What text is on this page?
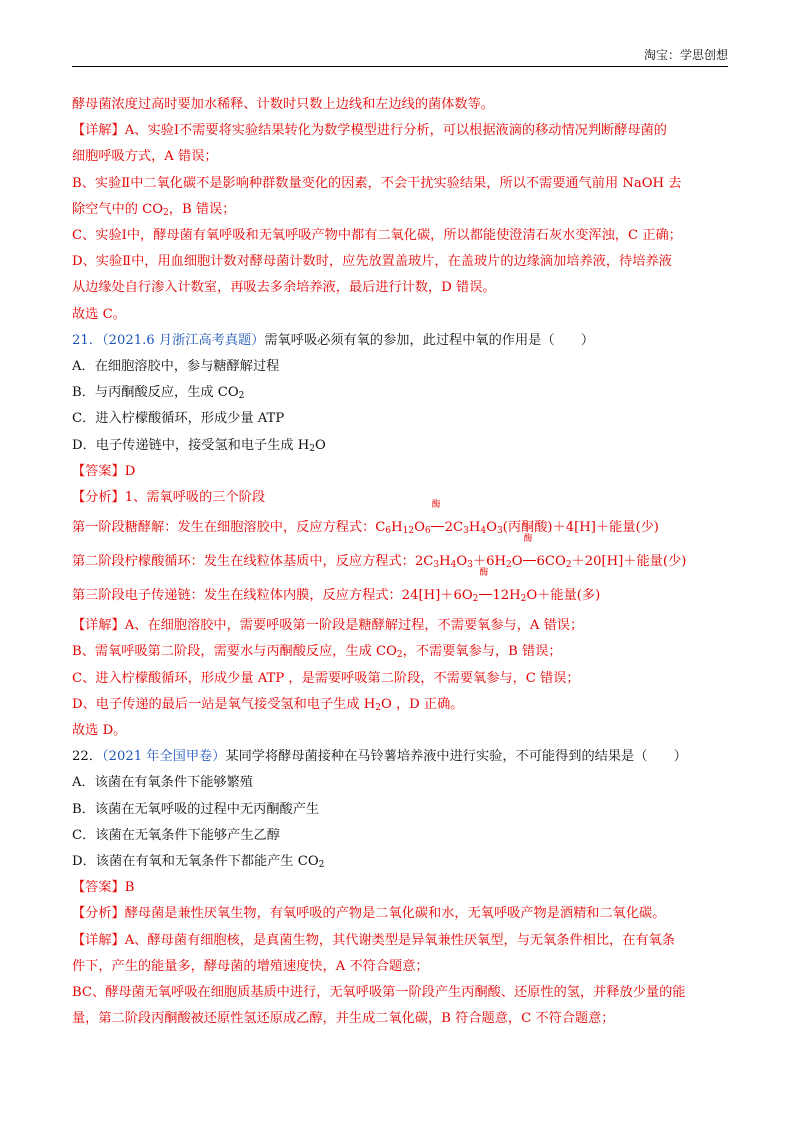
淘宝：学思创想
酵母菌浓度过高时要加水稀释、计数时只数上边线和左边线的菌体数等。
【详解】A、实验Ⅰ不需要将实验结果转化为数学模型进行分析，可以根据液滴的移动情况判断酵母菌的
细胞呼吸方式，A 错误；
B、实验Ⅱ中二氧化碳不是影响种群数量变化的因素，不会干扰实验结果，所以不需要通气前用 NaOH 去
除空气中的 $CO_2$，B 错误；
C、实验Ⅰ中，酵母菌有氧呼吸和无氧呼吸产物中都有二氧化碳，所以都能使澄清石灰水变浑浊，C 正确；
D、实验Ⅱ中，用血细胞计数对酵母菌计数时，应先放置盖玻片，在盖玻片的边缘滴加培养液，待培养液
从边缘处自行渗入计数室，再吸去多余培养液，最后进行计数，D 错误。
故选 C。
21．（2021.6 月浙江高考真题）需氧呼吸必须有氧的参加，此过程中氧的作用是（　　）
A．在细胞溶胶中，参与糖酵解过程
B．与丙酮酸反应，生成 $CO_2$
C．进入柠檬酸循环，形成少量 ATP
D．电子传递链中，接受氢和电子生成 $H_2O$
【答案】D
【分析】1、需氧呼吸的三个阶段
第一阶段糖酵解：发生在细胞溶胶中，反应方程式：$C_6H_{12}O_6$
酶
$2C_3H_4O_3$(丙酮酸)＋4[H]＋能量(少)
第二阶段柠檬酸循环：发生在线粒体基质中，反应方程式：$2C_3H_4O_3+6H_2O$
酶
$6CO_2+20[H]+$能量(少)
第三阶段电子传递链：发生在线粒体内膜，反应方程式：$24[H]+6O_2$
酶
$12H_2O+$能量(多)
【详解】A、在细胞溶胶中，需要呼吸第一阶段是糖酵解过程，不需要氧参与，A 错误；
B、需氧呼吸第二阶段，需要水与丙酮酸反应，生成 $CO_2$，不需要氧参与，B 错误；
C、进入柠檬酸循环，形成少量 ATP ，是需要呼吸第二阶段，不需要氧参与，C 错误；
D、电子传递的最后一站是氧气接受氢和电子生成 $H_2O$ ，D 正确。
故选 D。
22．（2021 年全国甲卷）某同学将酵母菌接种在马铃薯培养液中进行实验，不可能得到的结果是（　　）
A．该菌在有氧条件下能够繁殖
B．该菌在无氧呼吸的过程中无丙酮酸产生
C．该菌在无氧条件下能够产生乙醇
D．该菌在有氧和无氧条件下都能产生 $CO_2$
【答案】B
【分析】酵母菌是兼性厌氧生物，有氧呼吸的产物是二氧化碳和水，无氧呼吸产物是酒精和二氧化碳。
【详解】A、酵母菌有细胞核，是真菌生物，其代谢类型是异氧兼性厌氧型，与无氧条件相比，在有氧条
件下，产生的能量多，酵母菌的增殖速度快，A 不符合题意；
BC、酵母菌无氧呼吸在细胞质基质中进行，无氧呼吸第一阶段产生丙酮酸、还原性的氢，并释放少量的能
量，第二阶段丙酮酸被还原性氢还原成乙醇，并生成二氧化碳，B 符合题意，C 不符合题意；
